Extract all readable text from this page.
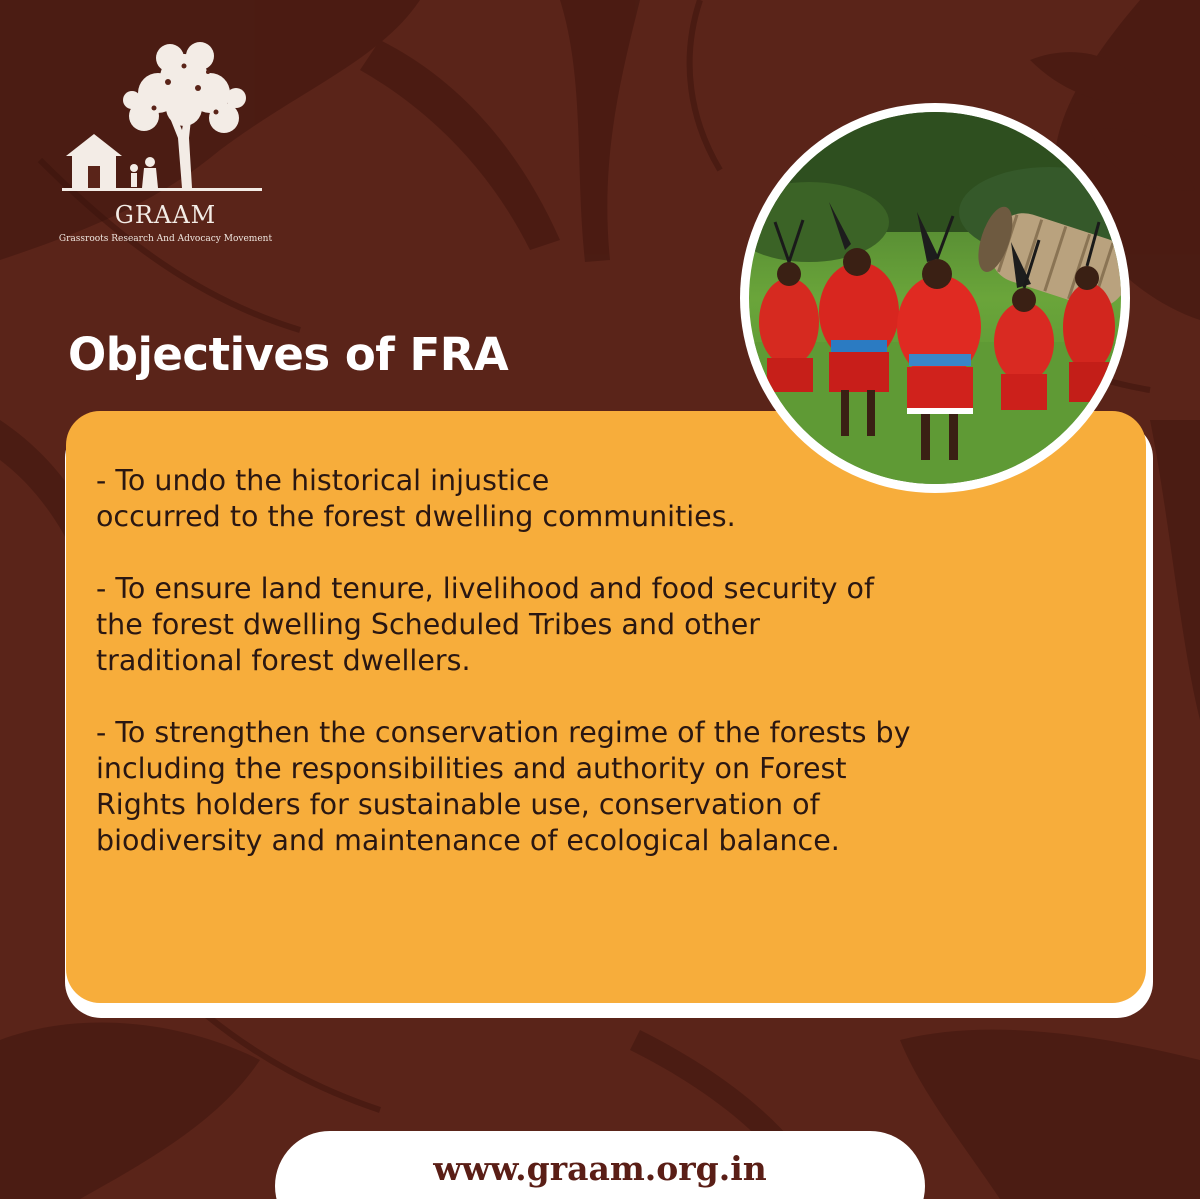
GRAAM
Grassroots Research And Advocacy Movement
Objectives of FRA

- To undo the historical injustice
occurred to the forest dwelling communities.

- To ensure land tenure, livelihood and food security of
the forest dwelling Scheduled Tribes and other
traditional forest dwellers.

- To strengthen the conservation regime of the forests by
including the responsibilities and authority on Forest
Rights holders for sustainable use, conservation of
biodiversity and maintenance of ecological balance.

www.graam.org.in
